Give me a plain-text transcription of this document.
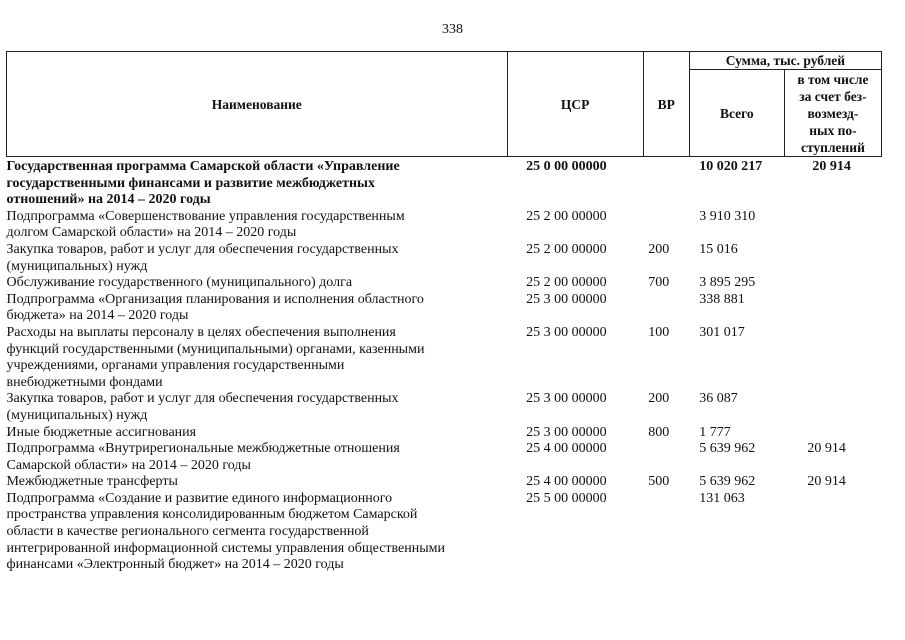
338
Наименование	ЦСР	ВР	Сумма, тыс. рублей	
			Всего	в том числе
за счет без-
возмезд-
ных по-
ступлений

Государственная программа Самарской области «Управление
государственными финансами и развитие межбюджетных
отношений» на 2014 – 2020 годы	25 0 00 00000		10 020 217	20 914

Подпрограмма «Совершенствование управления государственным
долгом Самарской области» на 2014 – 2020 годы	25 2 00 00000		3 910 310	

Закупка товаров, работ и услуг для обеспечения государственных
(муниципальных) нужд	25 2 00 00000	200	15 016	

Обслуживание государственного (муниципального) долга	25 2 00 00000	700	3 895 295	

Подпрограмма «Организация планирования и исполнения областного
бюджета» на 2014 – 2020 годы	25 3 00 00000		338 881	

Расходы на выплаты персоналу в целях обеспечения выполнения
функций государственными (муниципальными) органами, казенными
учреждениями, органами управления государственными
внебюджетными фондами	25 3 00 00000	100	301 017	

Закупка товаров, работ и услуг для обеспечения государственных
(муниципальных) нужд	25 3 00 00000	200	36 087	

Иные бюджетные ассигнования	25 3 00 00000	800	1 777	

Подпрограмма «Внутрирегиональные межбюджетные отношения
Самарской области» на 2014 – 2020 годы	25 4 00 00000		5 639 962	20 914

Межбюджетные трансферты	25 4 00 00000	500	5 639 962	20 914

Подпрограмма «Создание и развитие единого информационного
пространства управления консолидированным бюджетом Самарской
области в качестве регионального сегмента государственной
интегрированной информационной системы управления общественными
финансами «Электронный бюджет» на 2014 – 2020 годы	25 5 00 00000		131 063	
